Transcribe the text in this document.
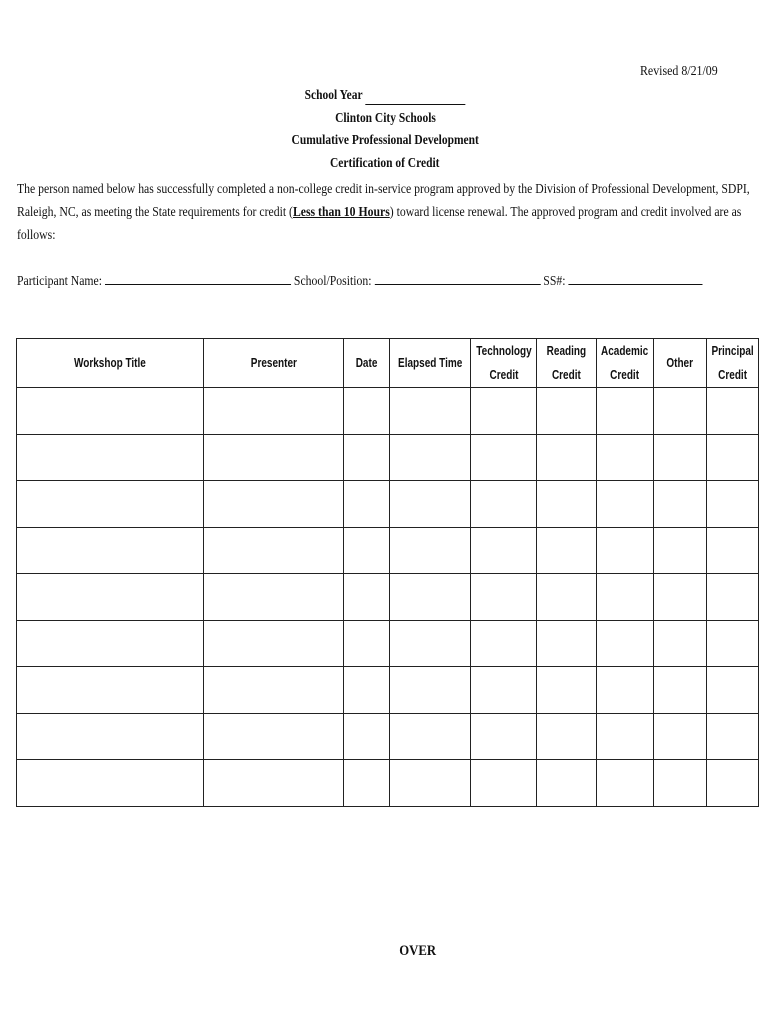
Revised 8/21/09
School Year
Clinton City Schools
Cumulative Professional Development
Certification of Credit
The person named below has successfully completed a non-college credit in-service program approved by the Division of Professional Development, SDPI, Raleigh, NC, as meeting the State requirements for credit (Less than 10 Hours) toward license renewal. The approved program and credit involved are as follows:
Participant Name:	School/Position:	SS#:
Workshop Title	Presenter	Date	Elapsed Time	Technology Credit	Reading Credit	Academic Credit	Other	Principal Credit

OVER
